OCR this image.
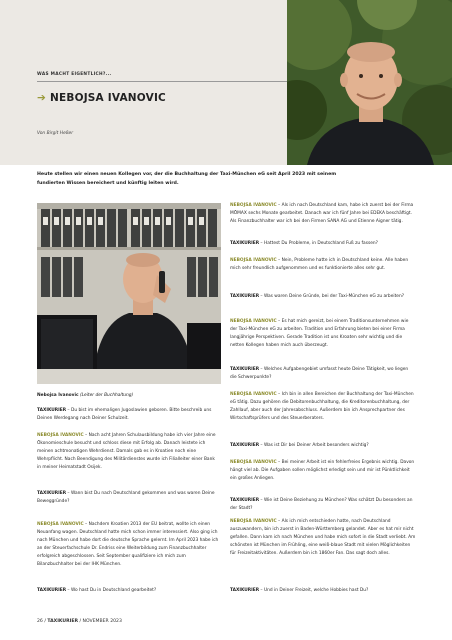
WAS MACHT EIGENTLICH?...
➔ NEBOJSA IVANOVIC
Von Birgit Heßer
Heute stellen wir einen neuen Kollegen vor, der die Buchhaltung der Taxi-München eG seit April 2023 mit seinem fundierten Wissen bereichert und künftig leiten wird.
Nebojsa Ivanovic (Leiter der Buchhaltung)
TAXIKURIER – Du bist im ehemaligen Jugoslawien geboren. Bitte beschreib uns Deinen Werdegang nach Deiner Schulzeit.
NEBOJSA IVANOVIC – Nach acht Jahren Schulausbildung habe ich vier Jahre eine Ökonomieschule besucht und schloss diese mit Erfolg ab. Danach leistete ich meinen achtmonatigen Wehrdienst. Damals gab es in Kroatien noch eine Wehrpflicht. Nach Beendigung des Militärdienstes wurde ich Filialleiter einer Bank in meiner Heimatstadt Osijek.
TAXIKURIER – Wann bist Du nach Deutschland gekommen und was waren Deine Beweggründe?
NEBOJSA IVANOVIC – Nachdem Kroatien 2013 der EU beitrat, wollte ich einen Neuanfang wagen. Deutschland hatte mich schon immer interessiert. Also ging ich nach München und habe dort die deutsche Sprache gelernt. Im April 2023 habe ich an der Steuerfachschule Dr. Endriss eine Weiterbildung zum Finanzbuchhalter erfolgreich abgeschlossen. Seit September qualifiziere ich mich zum Bilanzbuchhalter bei der IHK München.
TAXIKURIER – Wo hast Du in Deutschland gearbeitet?
NEBOJSA IVANOVIC – Als ich nach Deutschland kam, habe ich zuerst bei der Firma MÖMAX sechs Monate gearbeitet. Danach war ich fünf Jahre bei EDEKA beschäftigt. Als Finanzbuchhalter war ich bei den Firmen SANA AG und Etienne Aigner tätig.
TAXIKURIER – Hattest Du Probleme, in Deutschland Fuß zu fassen?
NEBOJSA IVANOVIC – Nein, Probleme hatte ich in Deutschland keine. Alle haben mich sehr freundlich aufgenommen und es funktionierte alles sehr gut.
TAXIKURIER – Was waren Deine Gründe, bei der Taxi-München eG zu arbeiten?
NEBOJSA IVANOVIC – Es hat mich gereizt, bei einem Traditionsunternehmen wie der Taxi-München eG zu arbeiten. Tradition und Erfahrung bieten bei einer Firma langjährige Perspektiven. Gerade Tradition ist uns Kroaten sehr wichtig und die netten Kollegen haben mich auch überzeugt.
TAXIKURIER – Welches Aufgabengebiet umfasst heute Deine Tätigkeit, wo liegen die Schwerpunkte?
NEBOJSA IVANOVIC – Ich bin in allen Bereichen der Buchhaltung der Taxi-München eG tätig. Dazu gehören die Debitorenbuchhaltung, die Kreditorenbuchhaltung, der Zahllauf, aber auch der Jahresabschluss. Außerdem bin ich Ansprechpartner des Wirtschaftsprüfers und des Steuerberaters.
TAXIKURIER – Was ist Dir bei Deiner Arbeit besonders wichtig?
NEBOJSA IVANOVIC – Bei meiner Arbeit ist ein fehlerfreies Ergebnis wichtig. Davon hängt viel ab. Die Aufgaben sollen möglichst erledigt sein und mir ist Pünktlichkeit ein großes Anliegen.
TAXIKURIER – Wie ist Deine Beziehung zu München? Was schätzt Du besonders an der Stadt?
NEBOJSA IVANOVIC – Als ich mich entschieden hatte, nach Deutschland auszuwandern, bin ich zuerst in Baden-Württemberg gelandet. Aber es hat mir nicht gefallen. Dann kam ich nach München und habe mich sofort in die Stadt verliebt. Am schönsten ist München im Frühling, eine weiß-blaue Stadt mit vielen Möglichkeiten für Freizeitaktivitäten. Außerdem bin ich 1860er Fan. Das sagt doch alles.
TAXIKURIER – Und in Deiner Freizeit, welche Hobbies hast Du?
26 / TAXIKURIER / NOVEMBER 2023
